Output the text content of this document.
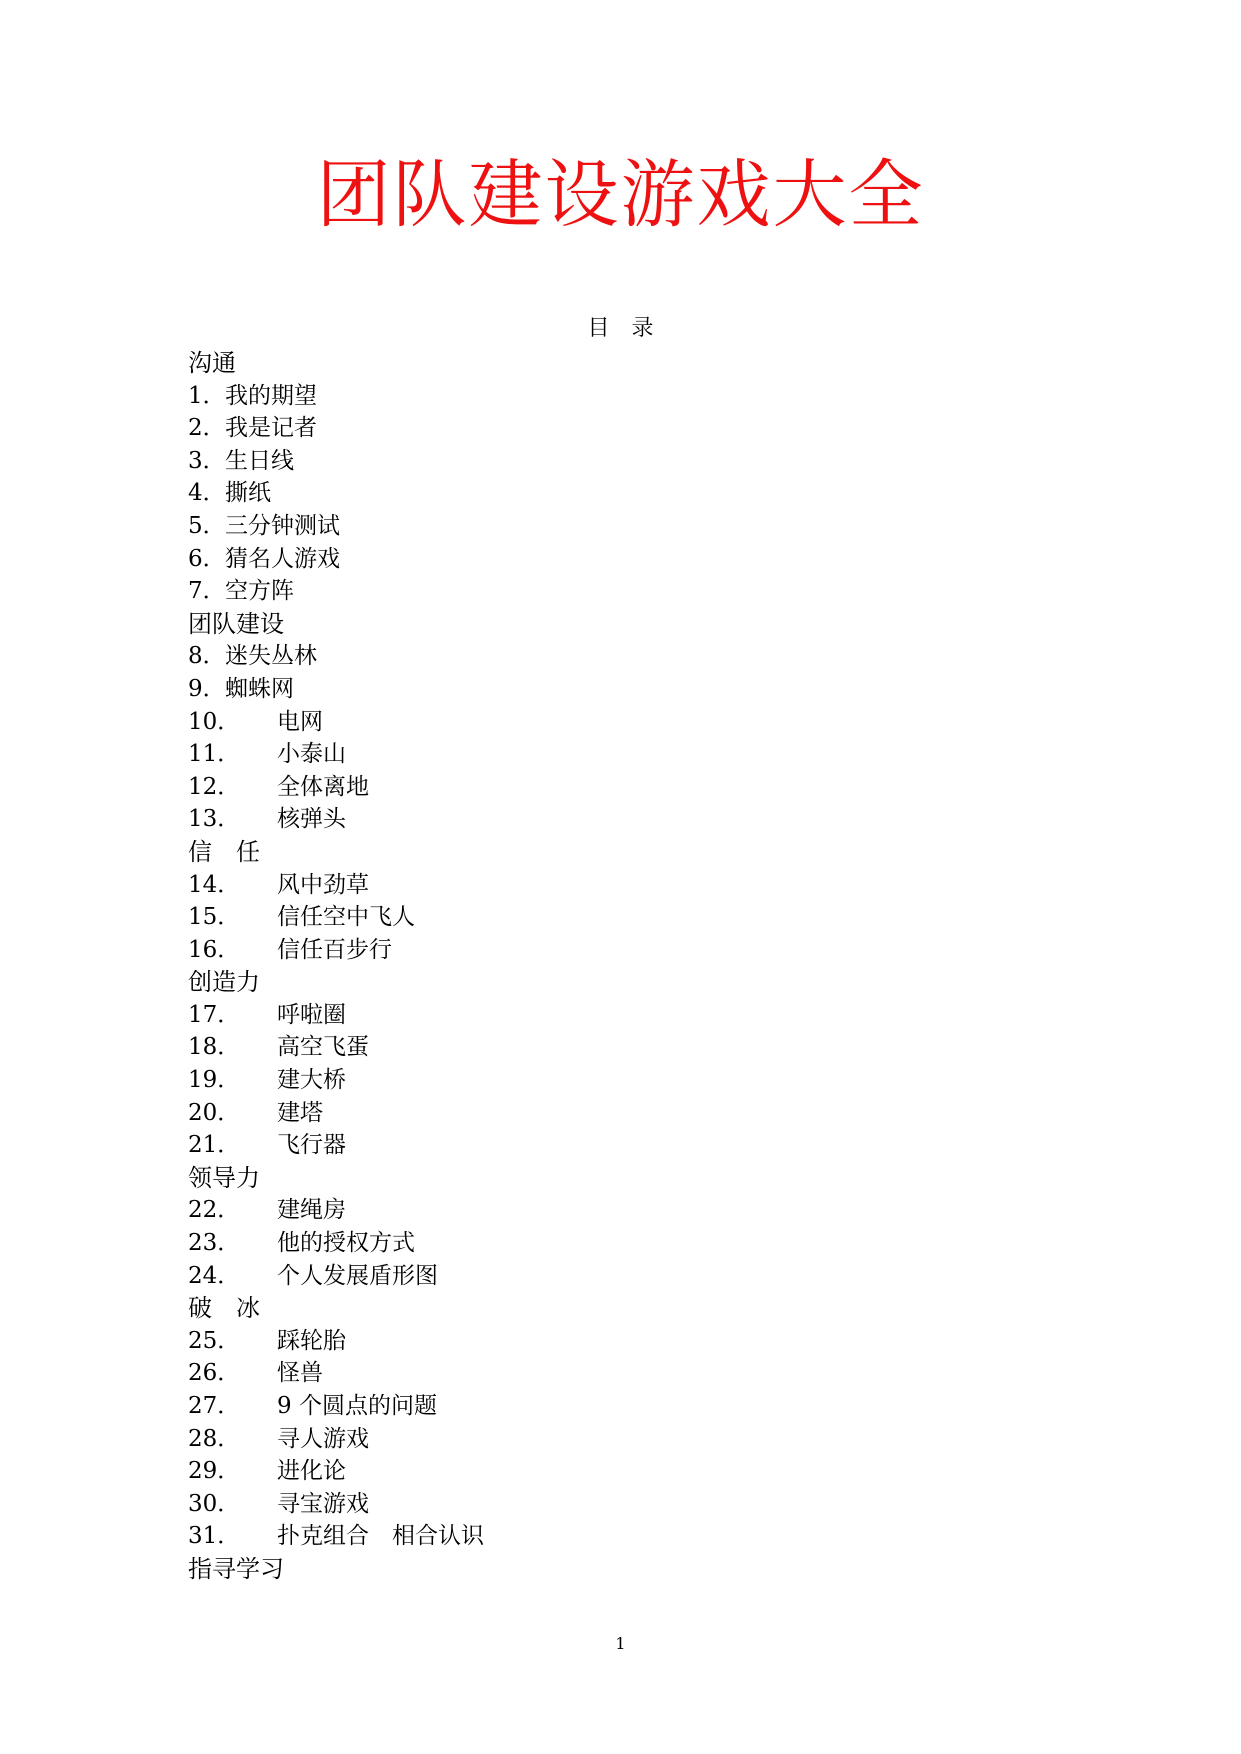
团队建设游戏大全
目　录
沟通
1．我的期望
2．我是记者
3．生日线
4．撕纸
5．三分钟测试
6．猜名人游戏
7．空方阵
团队建设
8．迷失丛林
9．蜘蛛网
10． 电网
11． 小泰山
12． 全体离地
13． 核弹头
信　任
14． 风中劲草
15． 信任空中飞人
16． 信任百步行
创造力
17． 呼啦圈
18． 高空飞蛋
19． 建大桥
20． 建塔
21． 飞行器
领导力
22． 建绳房
23． 他的授权方式
24． 个人发展盾形图
破　冰
25． 踩轮胎
26． 怪兽
27． 9 个圆点的问题
28． 寻人游戏
29． 进化论
30． 寻宝游戏
31． 扑克组合　相合认识
指寻学习
1
